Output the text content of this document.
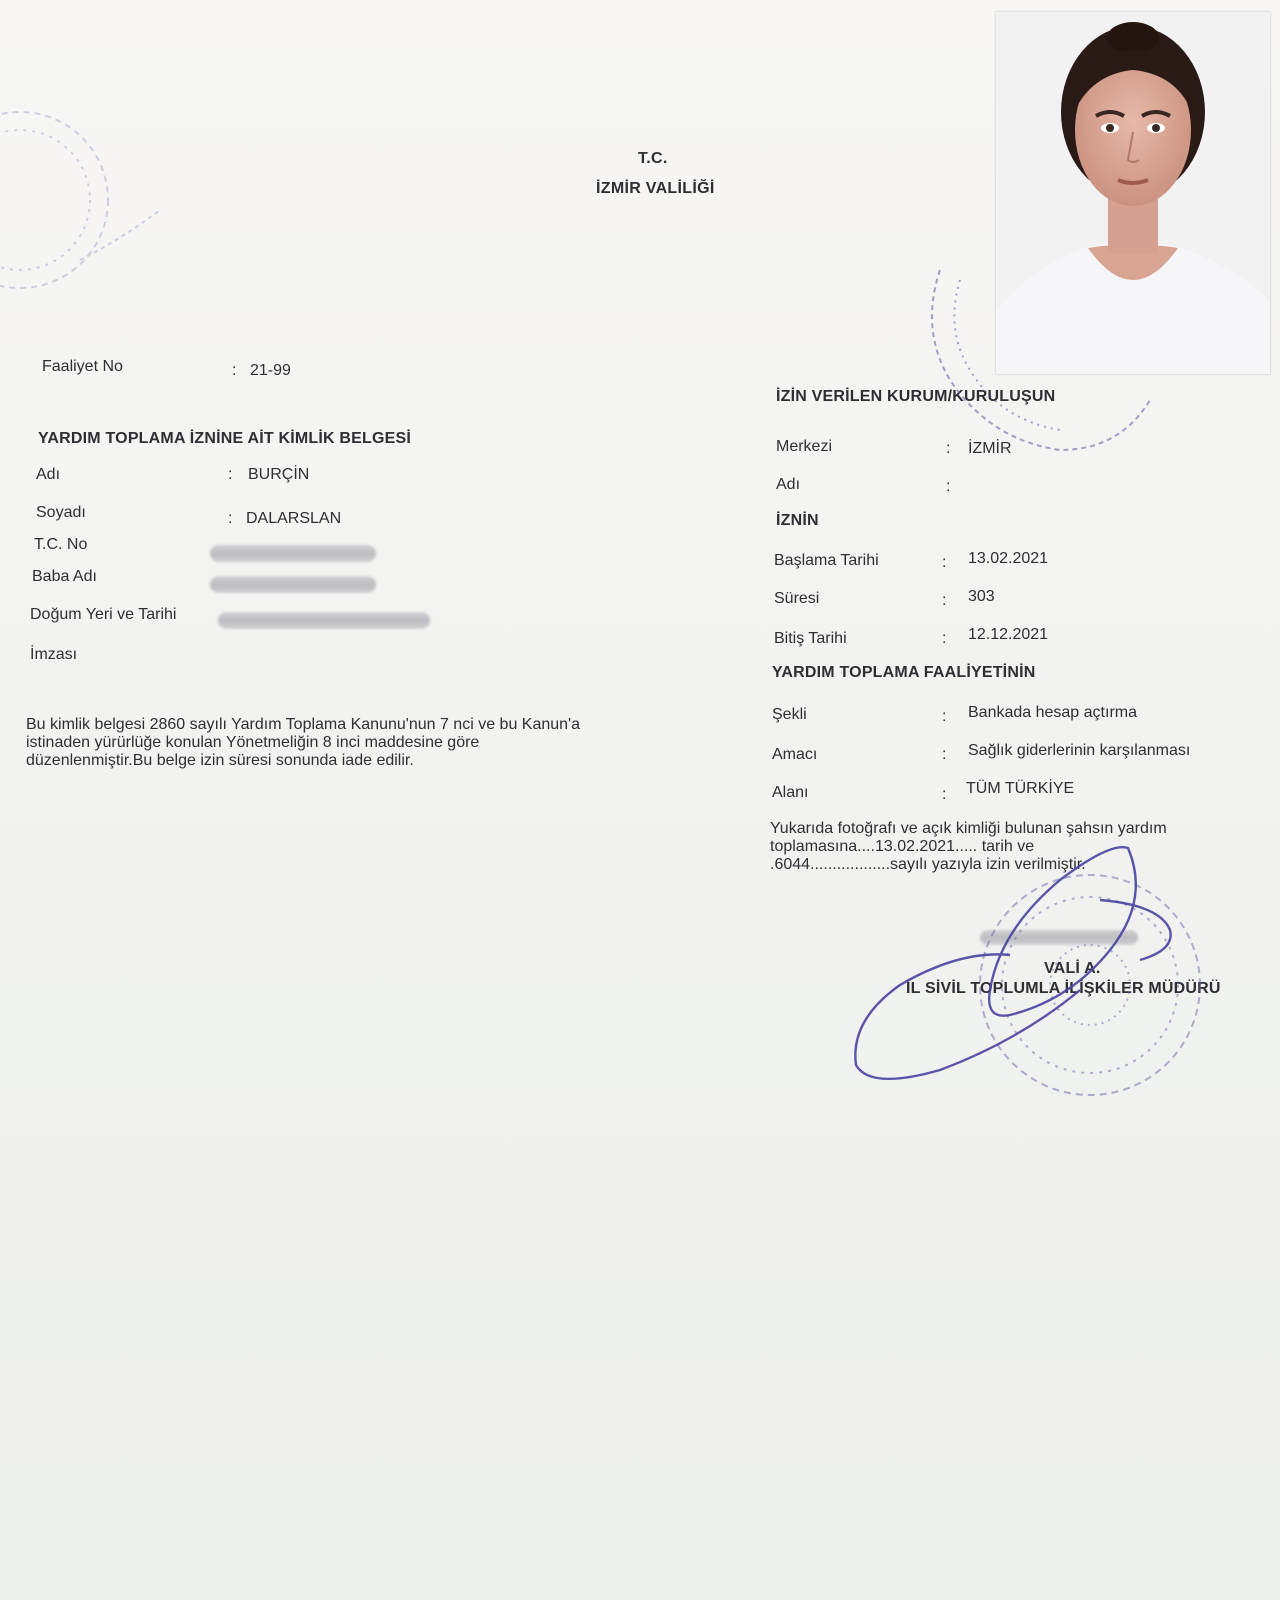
T.C.
İZMİR VALİLİĞİ
Faaliyet No	: 21-99
YARDIM TOPLAMA İZNİNE AİT KİMLİK BELGESİ
Adı	: BURÇİN
Soyadı	: DALARSLAN
T.C. No
Baba Adı
Doğum Yeri ve Tarihi
İmzası
Bu kimlik belgesi 2860 sayılı Yardım Toplama Kanunu'nun 7 nci ve bu Kanun'a
istinaden yürürlüğe konulan Yönetmeliğin 8 inci maddesine göre
düzenlenmiştir.Bu belge izin süresi sonunda iade edilir.
İZİN VERİLEN KURUM/KURULUŞUN
Merkezi	: İZMİR
Adı	:
İZNİN
Başlama Tarihi	: 13.02.2021
Süresi	: 303
Bitiş Tarihi	: 12.12.2021
YARDIM TOPLAMA FAALİYETİNİN
Şekli	: Bankada hesap açtırma
Amacı	: Sağlık giderlerinin karşılanması
Alanı	: TÜM TÜRKİYE
Yukarıda fotoğrafı ve açık kimliği bulunan şahsın yardım
toplamasına....13.02.2021..... tarih ve
.6044..................sayılı yazıyla izin verilmiştir.
VALİ A.
İL SİVİL TOPLUMLA İLİŞKİLER MÜDÜRÜ
